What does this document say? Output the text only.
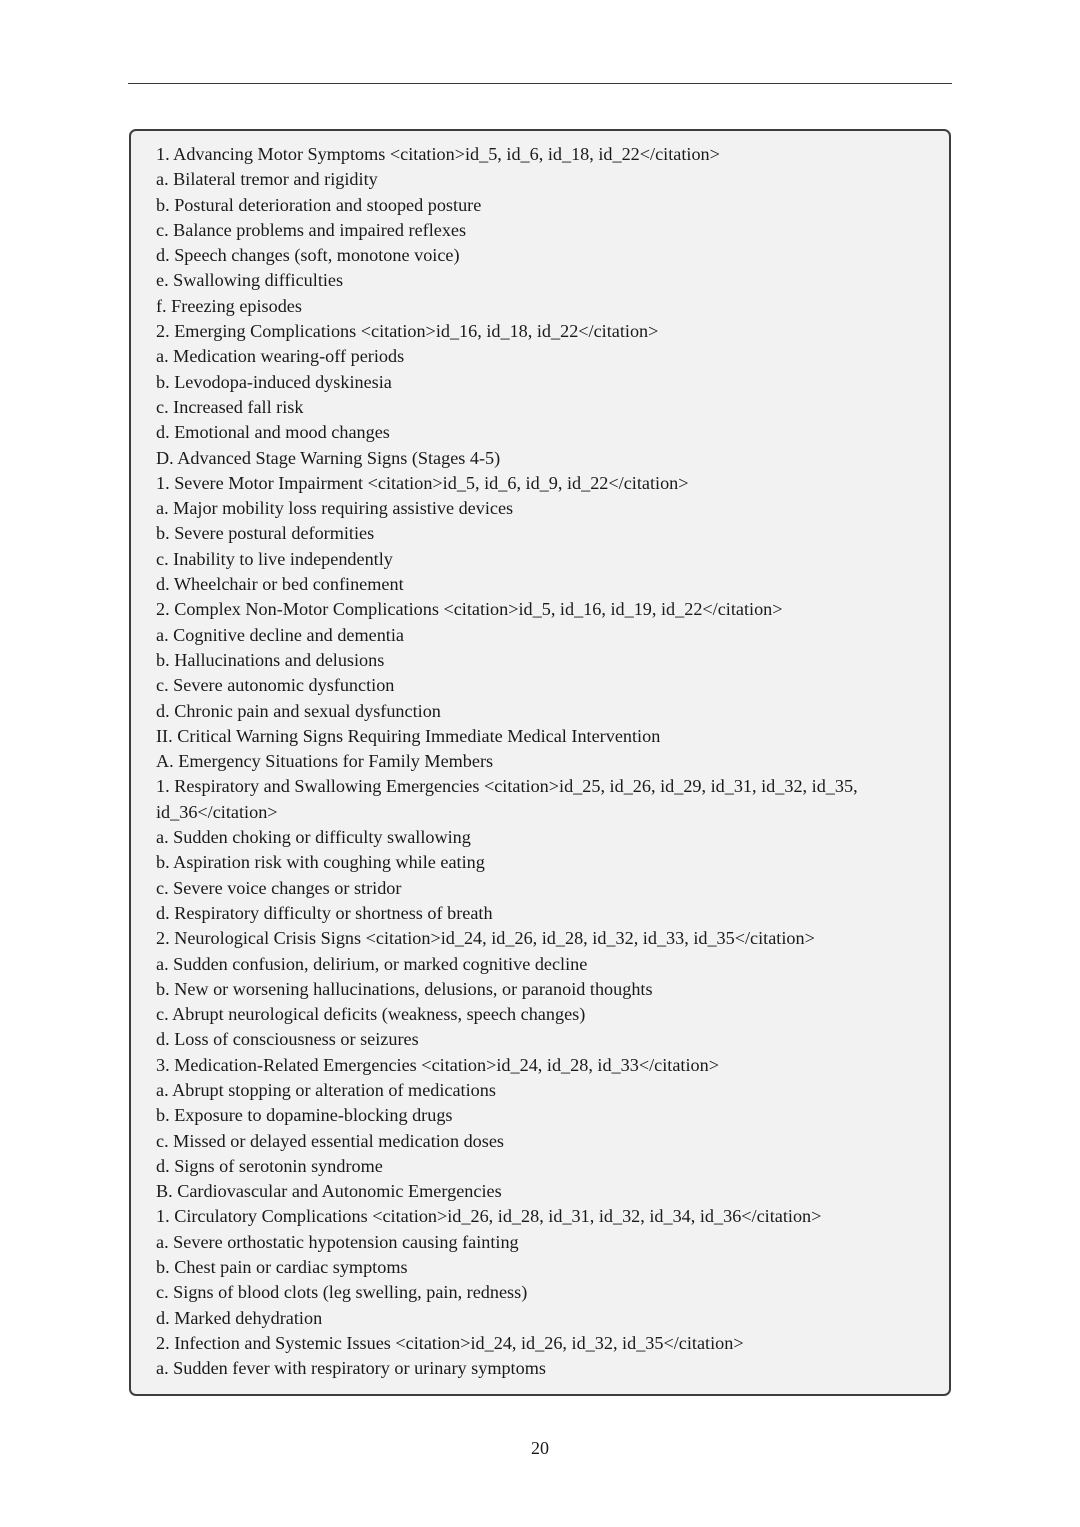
1. Advancing Motor Symptoms <citation>id_5, id_6, id_18, id_22</citation>
a. Bilateral tremor and rigidity
b. Postural deterioration and stooped posture
c. Balance problems and impaired reflexes
d. Speech changes (soft, monotone voice)
e. Swallowing difficulties
f. Freezing episodes
2. Emerging Complications <citation>id_16, id_18, id_22</citation>
a. Medication wearing-off periods
b. Levodopa-induced dyskinesia
c. Increased fall risk
d. Emotional and mood changes
D. Advanced Stage Warning Signs (Stages 4-5)
1. Severe Motor Impairment <citation>id_5, id_6, id_9, id_22</citation>
a. Major mobility loss requiring assistive devices
b. Severe postural deformities
c. Inability to live independently
d. Wheelchair or bed confinement
2. Complex Non-Motor Complications <citation>id_5, id_16, id_19, id_22</citation>
a. Cognitive decline and dementia
b. Hallucinations and delusions
c. Severe autonomic dysfunction
d. Chronic pain and sexual dysfunction
II. Critical Warning Signs Requiring Immediate Medical Intervention
A. Emergency Situations for Family Members
1. Respiratory and Swallowing Emergencies <citation>id_25, id_26, id_29, id_31, id_32, id_35, id_36</citation>
a. Sudden choking or difficulty swallowing
b. Aspiration risk with coughing while eating
c. Severe voice changes or stridor
d. Respiratory difficulty or shortness of breath
2. Neurological Crisis Signs <citation>id_24, id_26, id_28, id_32, id_33, id_35</citation>
a. Sudden confusion, delirium, or marked cognitive decline
b. New or worsening hallucinations, delusions, or paranoid thoughts
c. Abrupt neurological deficits (weakness, speech changes)
d. Loss of consciousness or seizures
3. Medication-Related Emergencies <citation>id_24, id_28, id_33</citation>
a. Abrupt stopping or alteration of medications
b. Exposure to dopamine-blocking drugs
c. Missed or delayed essential medication doses
d. Signs of serotonin syndrome
B. Cardiovascular and Autonomic Emergencies
1. Circulatory Complications <citation>id_26, id_28, id_31, id_32, id_34, id_36</citation>
a. Severe orthostatic hypotension causing fainting
b. Chest pain or cardiac symptoms
c. Signs of blood clots (leg swelling, pain, redness)
d. Marked dehydration
2. Infection and Systemic Issues <citation>id_24, id_26, id_32, id_35</citation>
a. Sudden fever with respiratory or urinary symptoms
20
